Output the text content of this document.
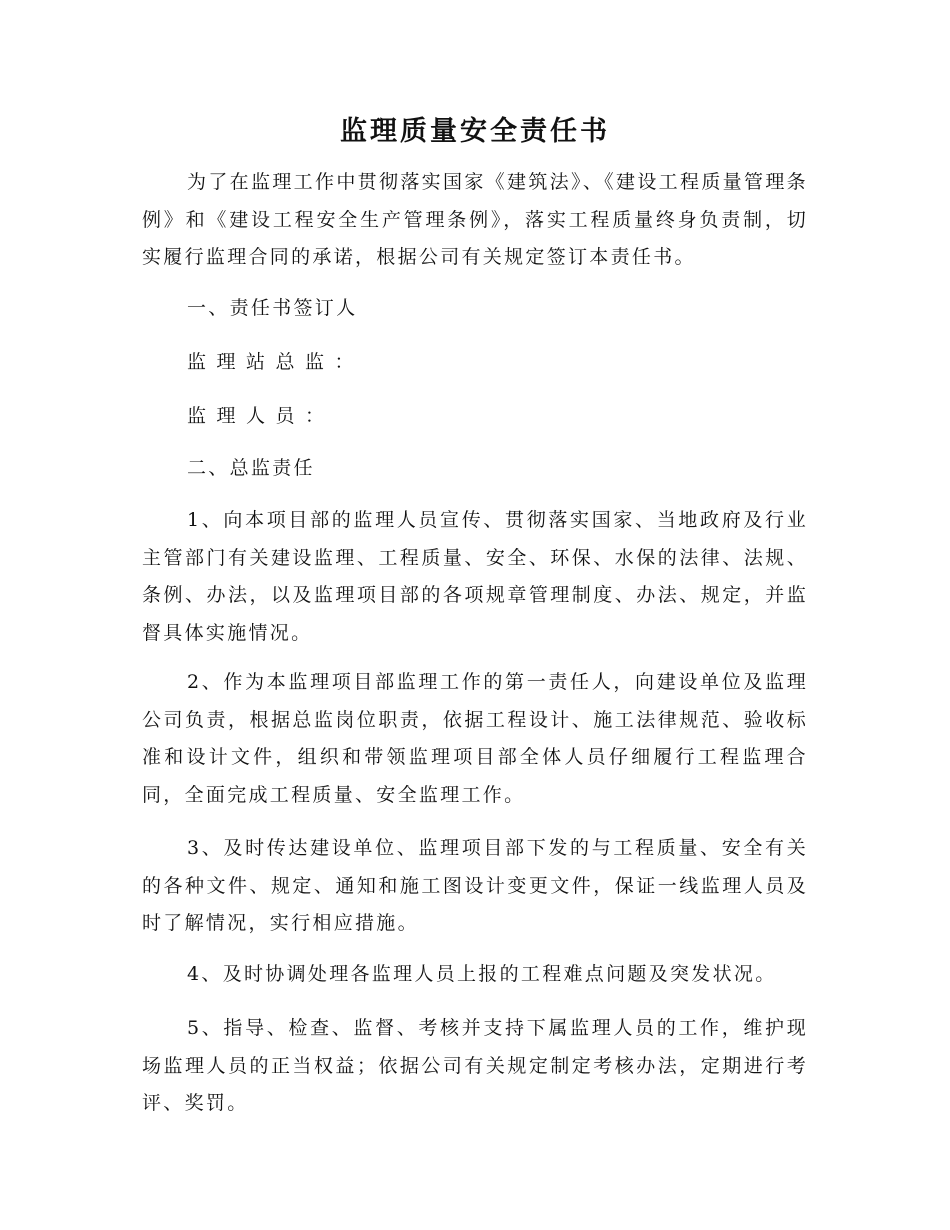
监理质量安全责任书

为了在监理工作中贯彻落实国家《建筑法》、《建设工程质量管理条例》和《建设工程安全生产管理条例》，落实工程质量终身负责制，切实履行监理合同的承诺，根据公司有关规定签订本责任书。

一、责任书签订人

监理站总监：

监理人员：

二、总监责任

1、向本项目部的监理人员宣传、贯彻落实国家、当地政府及行业主管部门有关建设监理、工程质量、安全、环保、水保的法律、法规、条例、办法，以及监理项目部的各项规章管理制度、办法、规定，并监督具体实施情况。

2、作为本监理项目部监理工作的第一责任人，向建设单位及监理公司负责，根据总监岗位职责，依据工程设计、施工法律规范、验收标准和设计文件，组织和带领监理项目部全体人员仔细履行工程监理合同，全面完成工程质量、安全监理工作。

3、及时传达建设单位、监理项目部下发的与工程质量、安全有关的各种文件、规定、通知和施工图设计变更文件，保证一线监理人员及时了解情况，实行相应措施。

4、及时协调处理各监理人员上报的工程难点问题及突发状况。

5、指导、检查、监督、考核并支持下属监理人员的工作，维护现场监理人员的正当权益；依据公司有关规定制定考核办法，定期进行考评、奖罚。
